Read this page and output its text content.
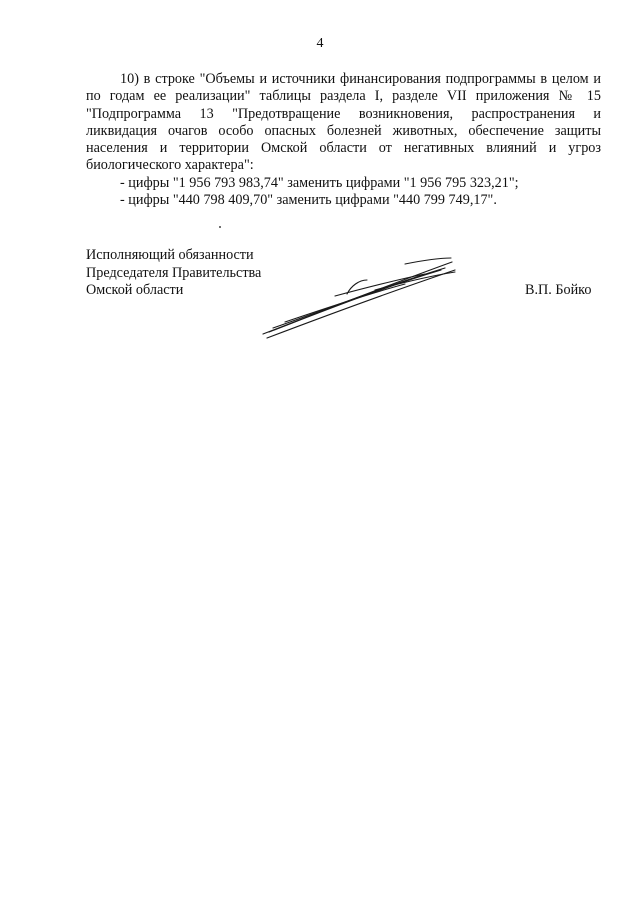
4

10) в строке "Объемы и источники финансирования подпрограммы в целом и по годам ее реализации" таблицы раздела I, разделе VII приложения № 15 "Подпрограмма 13 "Предотвращение возникновения, распространения и ликвидация очагов особо опасных болезней животных, обеспечение защиты населения и территории Омской области от негативных влияний и угроз биологического характера":

- цифры "1 956 793 983,74" заменить цифрами "1 956 795 323,21";

- цифры "440 798 409,70" заменить цифрами "440 799 749,17".

Исполняющий обязанности
Председателя Правительства
Омской области	В.П. Бойко
